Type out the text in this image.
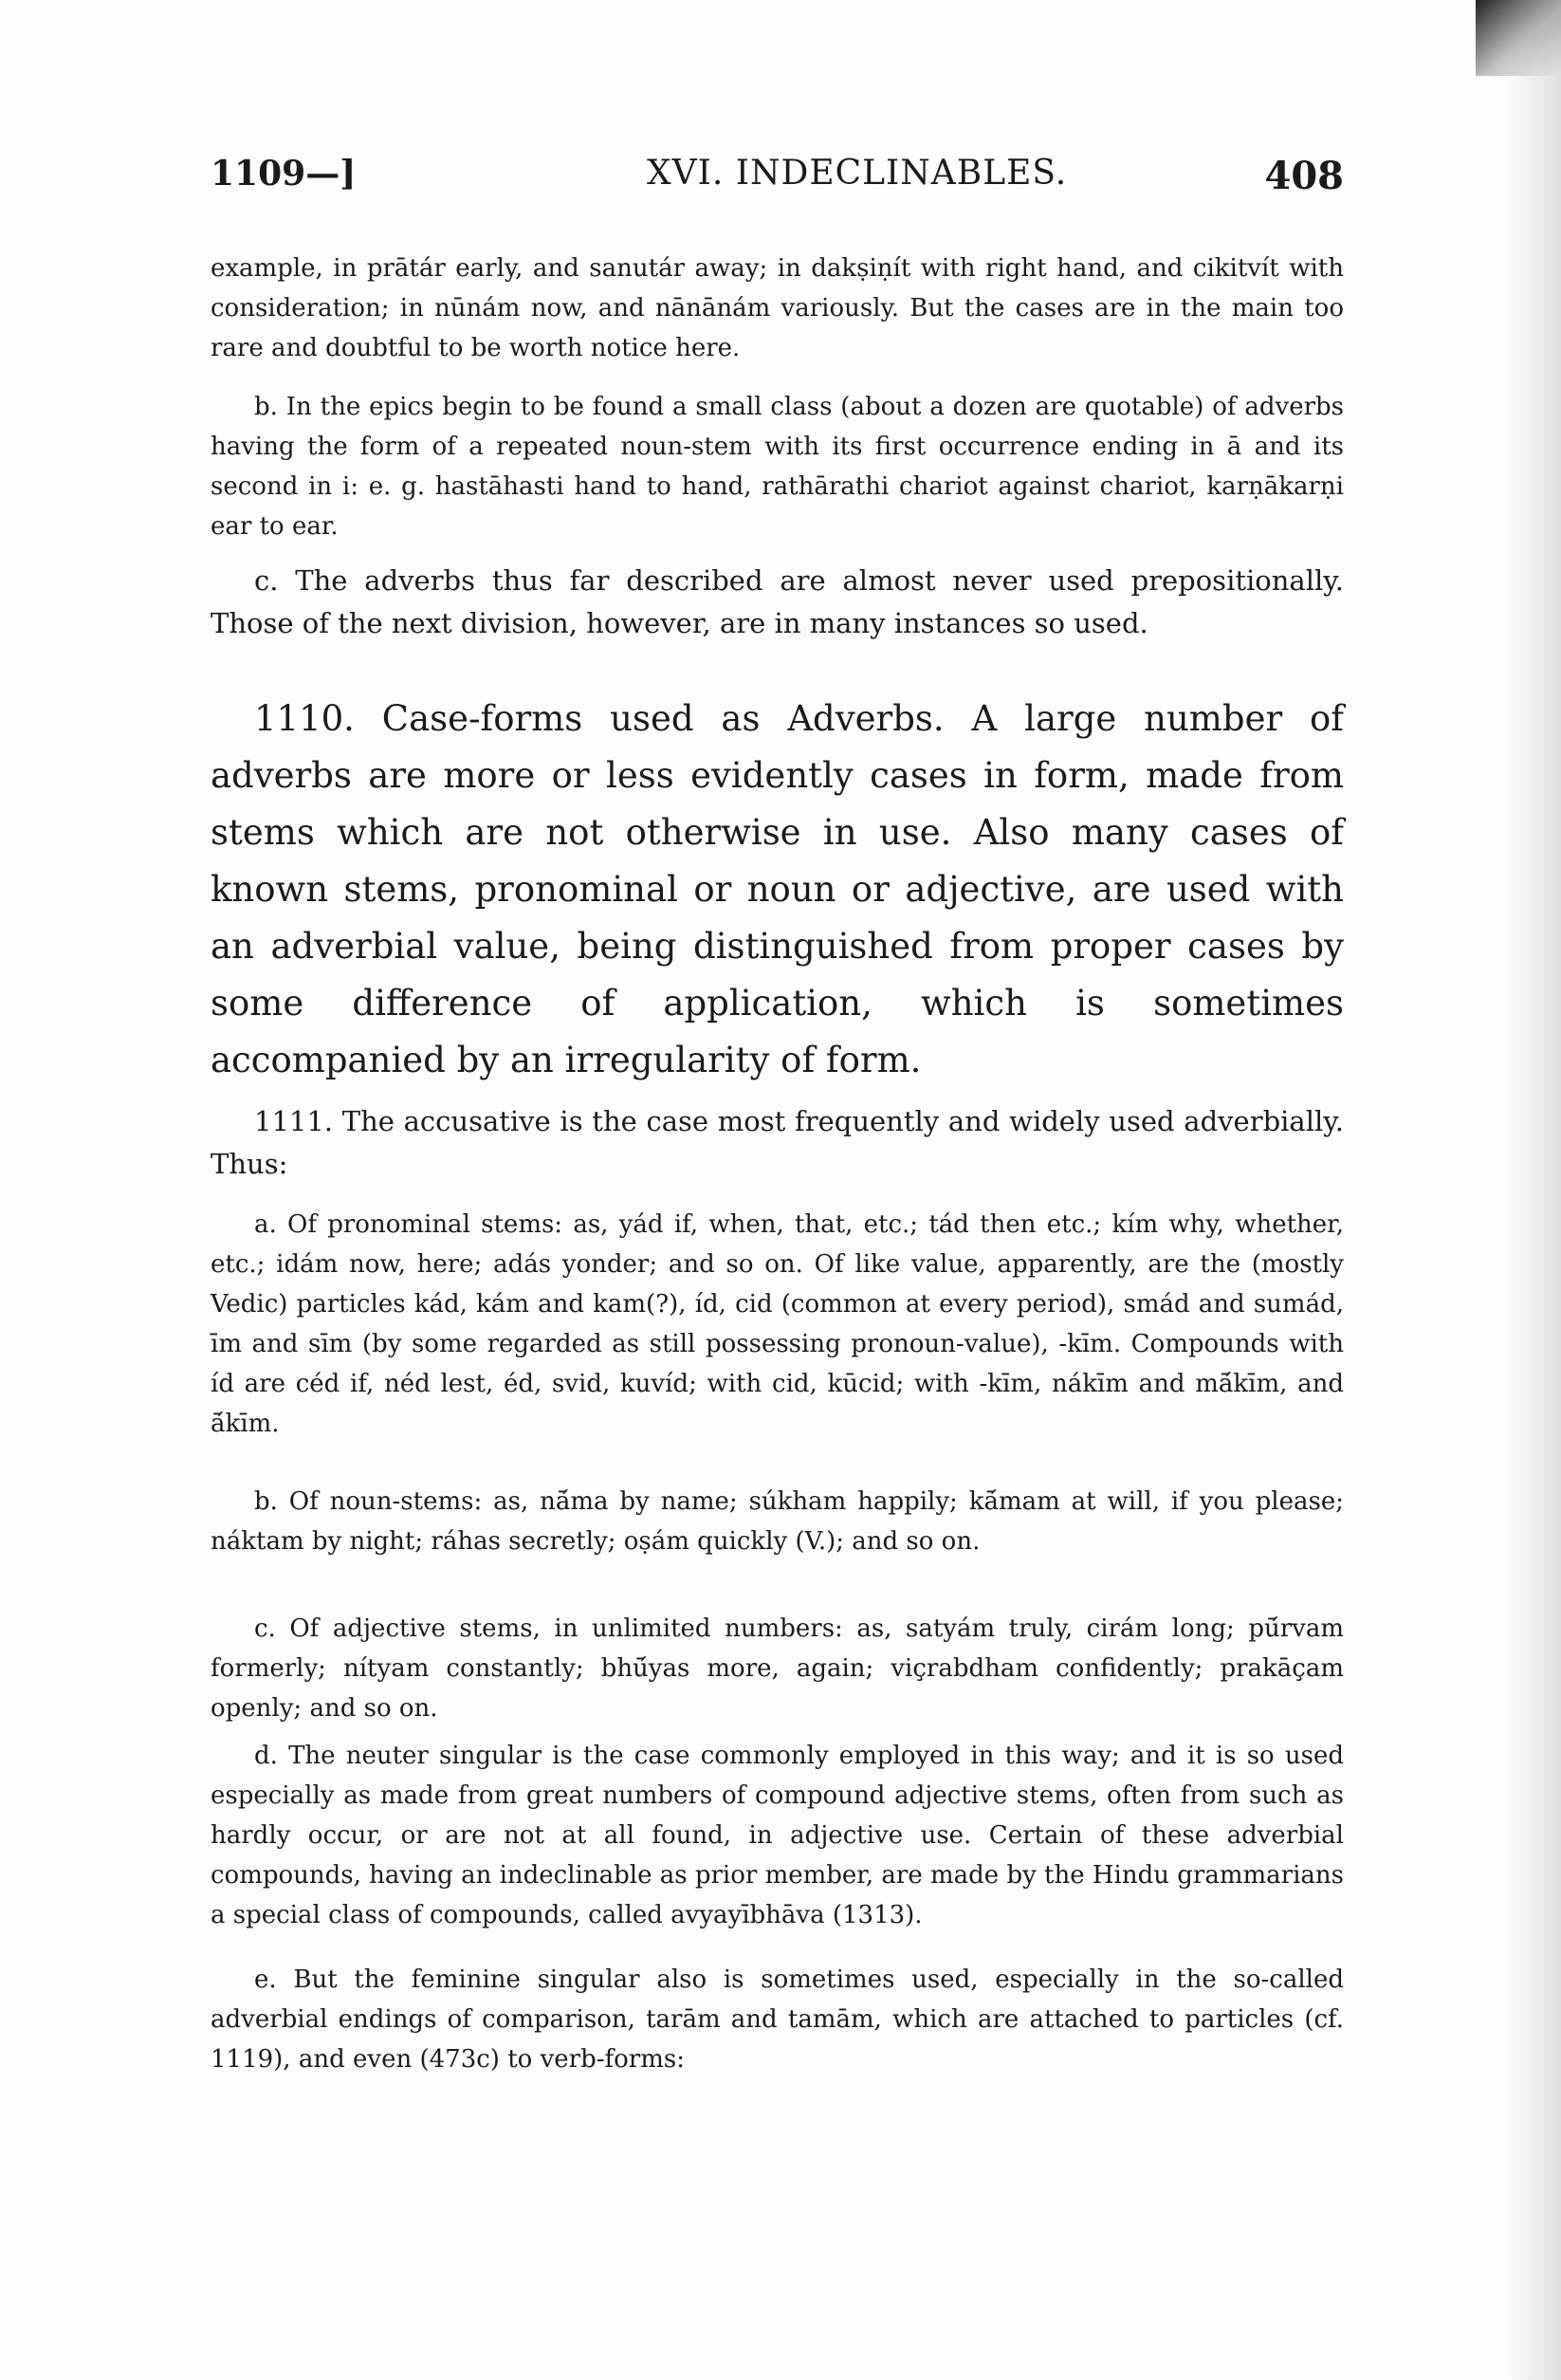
1109—]	XVI. INDECLINABLES.	408

example, in prātár early, and sanutár away; in dakṣiṇít with right hand, and cikitvít with consideration; in nūnám now, and nānānám variously. But the cases are in the main too rare and doubtful to be worth notice here.

b. In the epics begin to be found a small class (about a dozen are quotable) of adverbs having the form of a repeated noun-stem with its first occurrence ending in ā and its second in i: e. g. hastāhasti hand to hand, rathārathi chariot against chariot, karṇākarṇi ear to ear.

c. The adverbs thus far described are almost never used prepositionally. Those of the next division, however, are in many instances so used.

1110. Case-forms used as Adverbs. A large number of adverbs are more or less evidently cases in form, made from stems which are not otherwise in use. Also many cases of known stems, pronominal or noun or adjective, are used with an adverbial value, being distinguished from proper cases by some difference of application, which is sometimes accompanied by an irregularity of form.

1111. The accusative is the case most frequently and widely used adverbially. Thus:

a. Of pronominal stems: as, yád if, when, that, etc.; tád then etc.; kím why, whether, etc.; idám now, here; adás yonder; and so on. Of like value, apparently, are the (mostly Vedic) particles kád, kám and kam(?), íd, cid (common at every period), smád and sumád, īm and sīm (by some regarded as still possessing pronoun-value), -kīm. Compounds with íd are céd if, néd lest, éd, svid, kuvíd; with cid, kūcid; with -kīm, nákīm and mā́kīm, and ā́kīm.

b. Of noun-stems: as, nā́ma by name; súkham happily; kā́mam at will, if you please; náktam by night; ráhas secretly; oṣám quickly (V.); and so on.

c. Of adjective stems, in unlimited numbers: as, satyám truly, cirám long; pū́rvam formerly; nítyam constantly; bhū́yas more, again; viçrabdham confidently; prakāçam openly; and so on.

d. The neuter singular is the case commonly employed in this way; and it is so used especially as made from great numbers of compound adjective stems, often from such as hardly occur, or are not at all found, in adjective use. Certain of these adverbial compounds, having an indeclinable as prior member, are made by the Hindu grammarians a special class of compounds, called avyayībhāva (1313).

e. But the feminine singular also is sometimes used, especially in the so-called adverbial endings of comparison, tarām and tamām, which are attached to particles (cf. 1119), and even (473c) to verb-forms:
